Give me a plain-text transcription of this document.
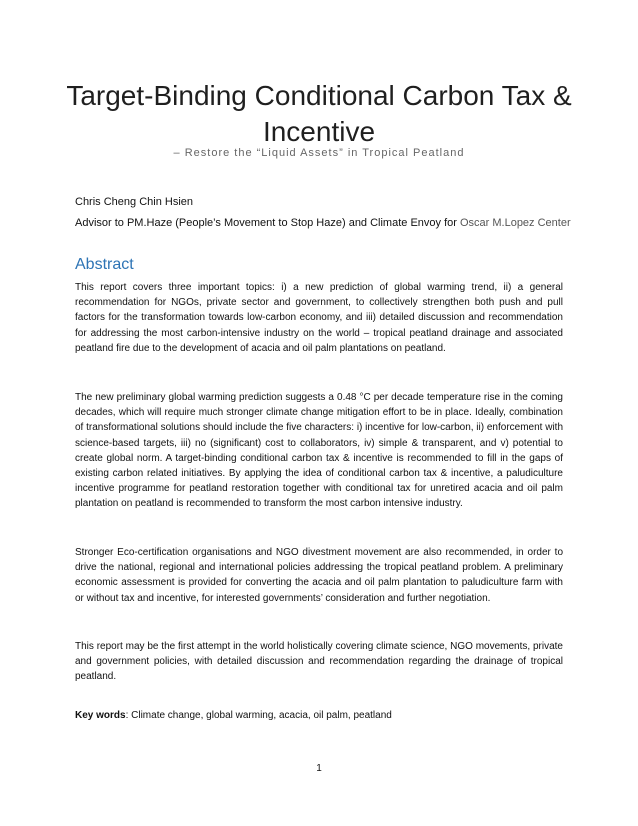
Target-Binding Conditional Carbon Tax & Incentive

– Restore the “Liquid Assets” in Tropical Peatland

Chris Cheng Chin Hsien

Advisor to PM.Haze (People’s Movement to Stop Haze) and Climate Envoy for Oscar M.Lopez Center

Abstract

This report covers three important topics: i) a new prediction of global warming trend, ii) a general recommendation for NGOs, private sector and government, to collectively strengthen both push and pull factors for the transformation towards low-carbon economy, and iii) detailed discussion and recommendation for addressing the most carbon-intensive industry on the world – tropical peatland drainage and associated peatland fire due to the development of acacia and oil palm plantations on peatland.

The new preliminary global warming prediction suggests a 0.48 °C per decade temperature rise in the coming decades, which will require much stronger climate change mitigation effort to be in place. Ideally, combination of transformational solutions should include the five characters: i) incentive for low-carbon, ii) enforcement with science-based targets, iii) no (significant) cost to collaborators, iv) simple & transparent, and v) potential to create global norm. A target-binding conditional carbon tax & incentive is recommended to fill in the gaps of existing carbon related initiatives. By applying the idea of conditional carbon tax & incentive, a paludiculture incentive programme for peatland restoration together with conditional tax for unretired acacia and oil palm plantation on peatland is recommended to transform the most carbon intensive industry.

Stronger Eco-certification organisations and NGO divestment movement are also recommended, in order to drive the national, regional and international policies addressing the tropical peatland problem. A preliminary economic assessment is provided for converting the acacia and oil palm plantation to paludiculture farm with or without tax and incentive, for interested governments’ consideration and further negotiation.

This report may be the first attempt in the world holistically covering climate science, NGO movements, private and government policies, with detailed discussion and recommendation regarding the drainage of tropical peatland.

Key words: Climate change, global warming, acacia, oil palm, peatland

1
